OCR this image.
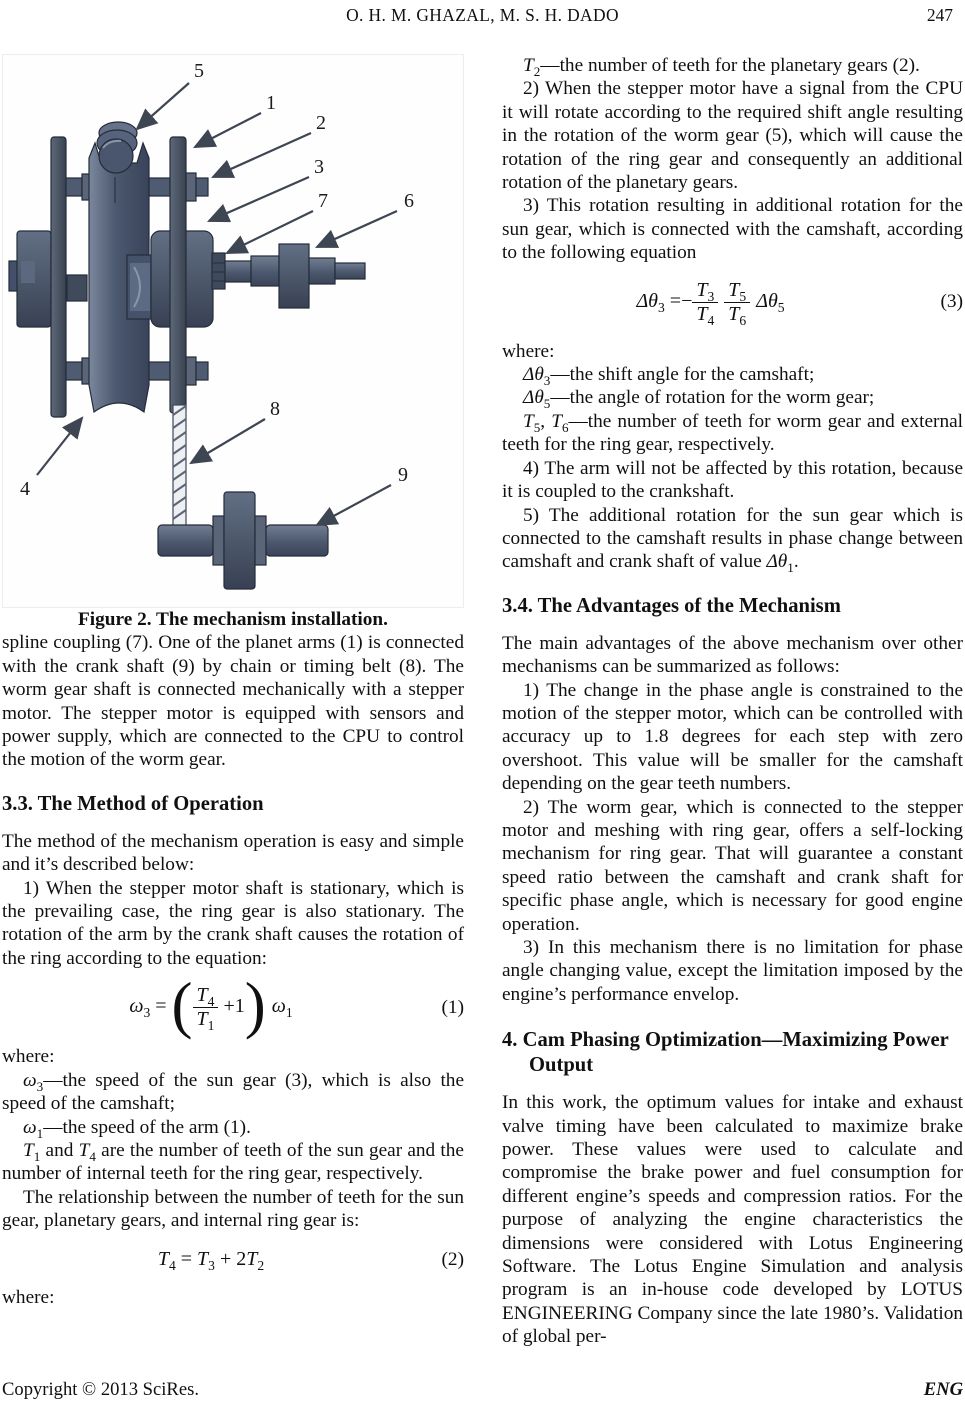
O. H. M. GHAZAL, M. S. H. DADO	247
5
1
2
3
7	6
8
4
9

Figure 2. The mechanism installation.

spline coupling (7). One of the planet arms (1) is connected with the crank shaft (9) by chain or timing belt (8). The worm gear shaft is connected mechanically with a stepper motor. The stepper motor is equipped with sensors and power supply, which are connected to the CPU to control the motion of the worm gear.

3.3. The Method of Operation

The method of the mechanism operation is easy and simple and it’s described below:

1) When the stepper motor shaft is stationary, which is the prevailing case, the ring gear is also stationary. The rotation of the arm by the crank shaft causes the rotation of the ring according to the equation:

$\omega_3$ = ( $\frac{T_4}{T_1} +1$) $\omega_1$	(1)

where:

$\omega_3—the$ speed of the sun gear (3), which is also the speed of the camshaft;

$\omega_1—the$ speed of the arm (1).

$T_1$ and $T_4$ are the number of teeth of the sun gear and the number of internal teeth for the ring gear, respectively.

The relationship between the number of teeth for the sun gear, planetary gears, and internal ring gear is:

$T_4 = T_3 + 2T_2$	(2)

where:

$T_2—the$ number of teeth for the planetary gears (2).

2) When the stepper motor have a signal from the CPU it will rotate according to the required shift angle resulting in the rotation of the worm gear (5), which will cause the rotation of the ring gear and consequently an additional rotation of the planetary gears.

3) This rotation resulting in additional rotation for the sun gear, which is connected with the camshaft, according to the following equation

$\Delta\theta_3 =- \frac{T_3}{T_4} \frac{T_5}{T_6} \Delta\theta_5$	(3)

where:

$\Delta\theta_3—the$ shift angle for the camshaft;

$\Delta\theta_5—the$ angle of rotation for the worm gear;

$T_5$, $T_6—the$ number of teeth for worm gear and external teeth for the ring gear, respectively.

4) The arm will not be affected by this rotation, because it is coupled to the crankshaft.

5) The additional rotation for the sun gear which is connected to the camshaft results in phase change between camshaft and crank shaft of value $\Delta\theta_1$.

3.4. The Advantages of the Mechanism

The main advantages of the above mechanism over other mechanisms can be summarized as follows:

1) The change in the phase angle is constrained to the motion of the stepper motor, which can be controlled with accuracy up to 1.8 degrees for each step with zero overshoot. This value will be smaller for the camshaft depending on the gear teeth numbers.

2) The worm gear, which is connected to the stepper motor and meshing with ring gear, offers a self-locking mechanism for ring gear. That will guarantee a constant speed ratio between the camshaft and crank shaft for specific phase angle, which is necessary for good engine operation.

3) In this mechanism there is no limitation for phase angle changing value, except the limitation imposed by the engine’s performance envelop.

4. Cam Phasing Optimization—Maximizing Power Output

In this work, the optimum values for intake and exhaust valve timing have been calculated to maximize brake power. These values were used to calculate and compromise the brake power and fuel consumption for different engine’s speeds and compression ratios. For the purpose of analyzing the engine characteristics the dimensions were considered with Lotus Engineering Software. The Lotus Engine Simulation and analysis program is an in-house code developed by LOTUS ENGINEERING Company since the late 1980’s. Validation of global per-

Copyright © 2013 SciRes.	ENG
